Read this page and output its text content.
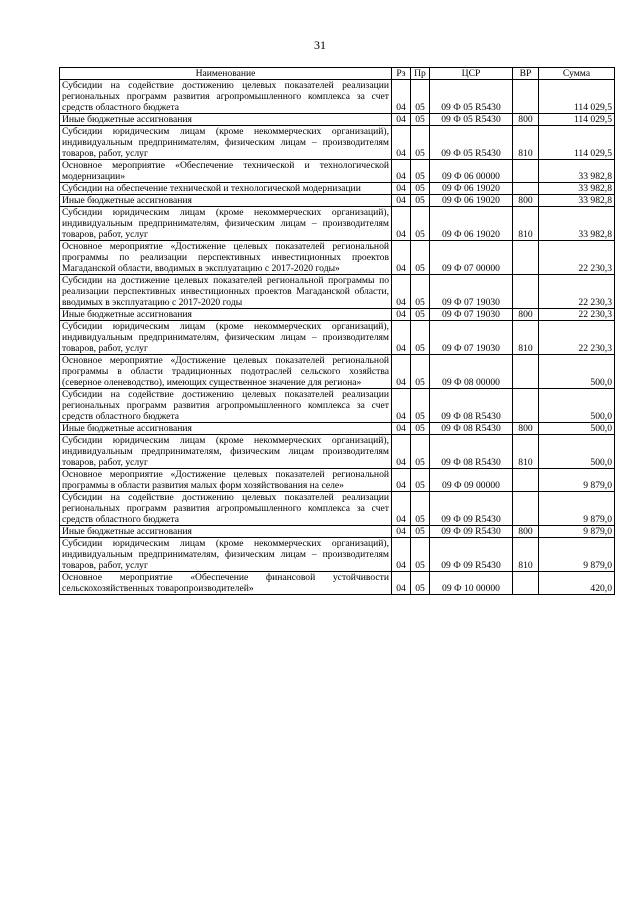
31
Наименование	Рз	Пр	ЦСР	ВР	Сумма
Субсидии на содействие достижению целевых показателей реализации региональных программ развития агропромышленного комплекса за счет средств областного бюджета	04	05	09 Ф 05 R5430		114 029,5
Иные бюджетные ассигнования	04	05	09 Ф 05 R5430	800	114 029,5
Субсидии юридическим лицам (кроме некоммерческих организаций), индивидуальным предпринимателям, физическим лицам – производителям товаров, работ, услуг	04	05	09 Ф 05 R5430	810	114 029,5
Основное мероприятие «Обеспечение технической и технологической модернизации»	04	05	09 Ф 06 00000		33 982,8
Субсидии на обеспечение технической и технологической модернизации	04	05	09 Ф 06 19020		33 982,8
Иные бюджетные ассигнования	04	05	09 Ф 06 19020	800	33 982,8
Субсидии юридическим лицам (кроме некоммерческих организаций), индивидуальным предпринимателям, физическим лицам – производителям товаров, работ, услуг	04	05	09 Ф 06 19020	810	33 982,8
Основное мероприятие «Достижение целевых показателей региональной программы по реализации перспективных инвестиционных проектов Магаданской области, вводимых в эксплуатацию с 2017-2020 годы»	04	05	09 Ф 07 00000		22 230,3
Субсидии на достижение целевых показателей региональной программы по реализации перспективных инвестиционных проектов Магаданской области, вводимых в эксплуатацию с 2017-2020 годы	04	05	09 Ф 07 19030		22 230,3
Иные бюджетные ассигнования	04	05	09 Ф 07 19030	800	22 230,3
Субсидии юридическим лицам (кроме некоммерческих организаций), индивидуальным предпринимателям, физическим лицам – производителям товаров, работ, услуг	04	05	09 Ф 07 19030	810	22 230,3
Основное мероприятие «Достижение целевых показателей региональной программы в области традиционных подотраслей сельского хозяйства (северное оленеводство), имеющих существенное значение для региона»	04	05	09 Ф 08 00000		500,0
Субсидии на содействие достижению целевых показателей реализации региональных программ развития агропромышленного комплекса за счет средств областного бюджета	04	05	09 Ф 08 R5430		500,0
Иные бюджетные ассигнования	04	05	09 Ф 08 R5430	800	500,0
Субсидии юридическим лицам (кроме некоммерческих организаций), индивидуальным предпринимателям, физическим лицам производителям товаров, работ, услуг	04	05	09 Ф 08 R5430	810	500,0
Основное мероприятие «Достижение целевых показателей региональной программы в области развития малых форм хозяйствования на селе»	04	05	09 Ф 09 00000		9 879,0
Субсидии на содействие достижению целевых показателей реализации региональных программ развития агропромышленного комплекса за счет средств областного бюджета	04	05	09 Ф 09 R5430		9 879,0
Иные бюджетные ассигнования	04	05	09 Ф 09 R5430	800	9 879,0
Субсидии юридическим лицам (кроме некоммерческих организаций), индивидуальным предпринимателям, физическим лицам – производителям товаров, работ, услуг	04	05	09 Ф 09 R5430	810	9 879,0
Основное мероприятие «Обеспечение финансовой устойчивости сельскохозяйственных товаропроизводителей»	04	05	09 Ф 10 00000		420,0
